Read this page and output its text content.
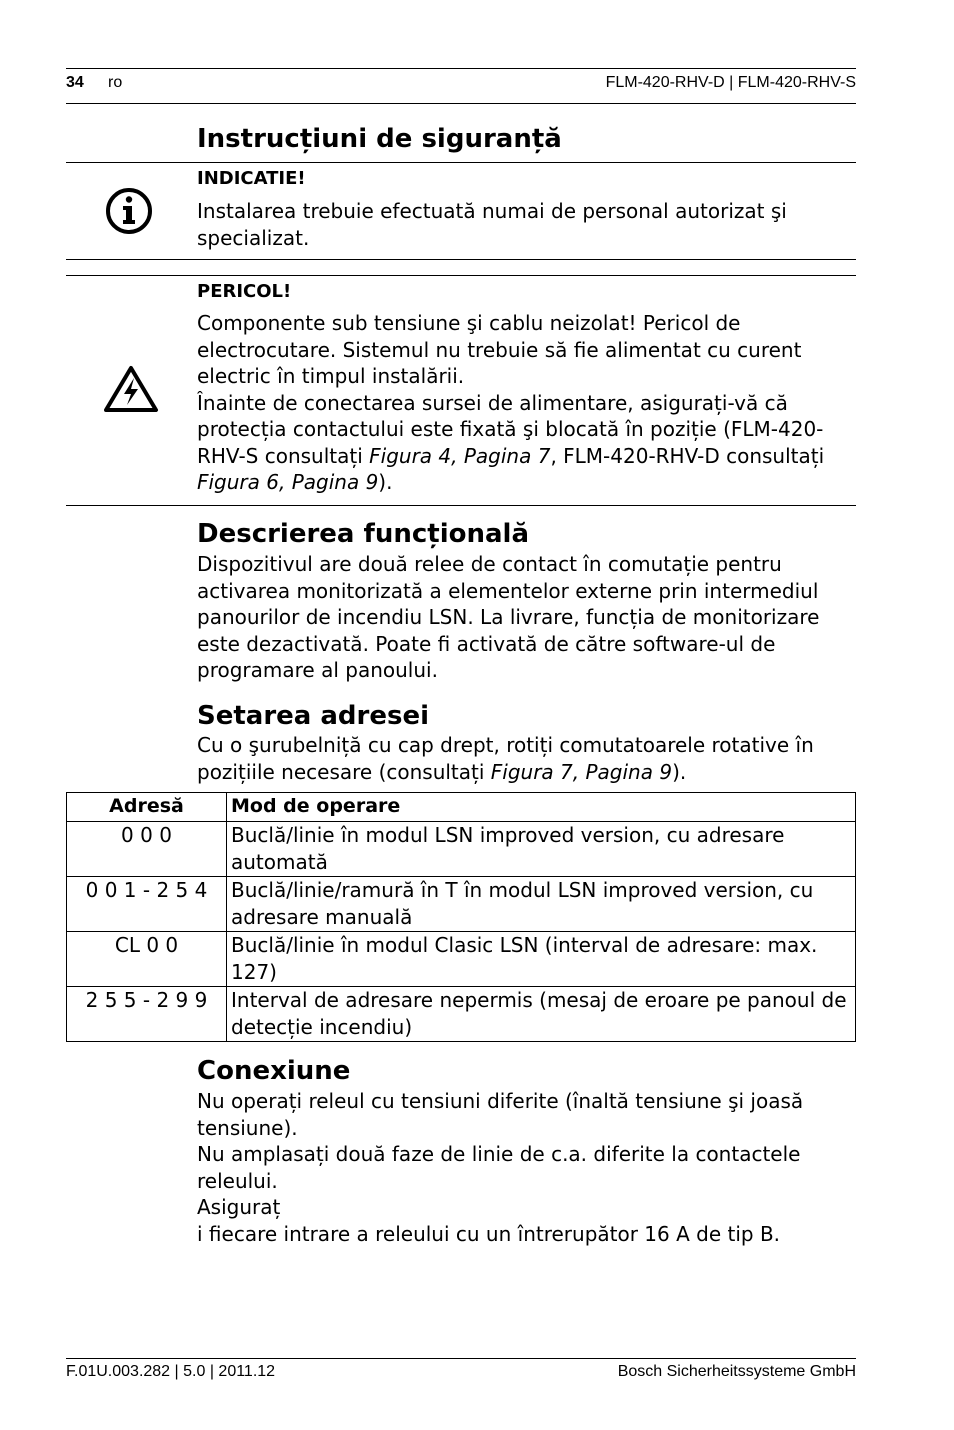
34 ro	FLM-420-RHV-D | FLM-420-RHV-S
Instrucțiuni de siguranță
INDICATIE!

Instalarea trebuie efectuată numai de personal autorizat şi
specializat.

PERICOL!

Componente sub tensiune şi cablu neizolat! Pericol de
electrocutare. Sistemul nu trebuie să fie alimentat cu curent
electric în timpul instalării.
Înainte de conectarea sursei de alimentare, asigurați-vă că
protecția contactului este fixată şi blocată în poziție (FLM-420-
RHV-S consultați Figura 4, Pagina 7, FLM-420-RHV-D consultați
Figura 6, Pagina 9).

Descrierea funcțională

Dispozitivul are două relee de contact în comutație pentru
activarea monitorizată a elementelor externe prin intermediul
panourilor de incendiu LSN. La livrare, funcția de monitorizare
este dezactivată. Poate fi activată de către software-ul de
programare al panoului.

Setarea adresei

Cu o şurubelniță cu cap drept, rotiți comutatoarele rotative în
pozițiile necesare (consultați Figura 7, Pagina 9).

Adresă	Mod de operare
0 0 0	Buclă/linie în modul LSN improved version, cu adresare automată
0 0 1 - 2 5 4	Buclă/linie/ramură în T în modul LSN improved version, cu adresare manuală
CL 0 0	Buclă/linie în modul Clasic LSN (interval de adresare: max. 127)
2 5 5 - 2 9 9	Interval de adresare nepermis (mesaj de eroare pe panoul de detecție incendiu)
Conexiune

Nu operați releul cu tensiuni diferite (înaltă tensiune şi joasă
tensiune).
Nu amplasați două faze de linie de c.a. diferite la contactele
releului.
Asiguraț
i fiecare intrare a releului cu un întrerupător 16 A de tip B.

F.01U.003.282 | 5.0 | 2011.12	Bosch Sicherheitssysteme GmbH
